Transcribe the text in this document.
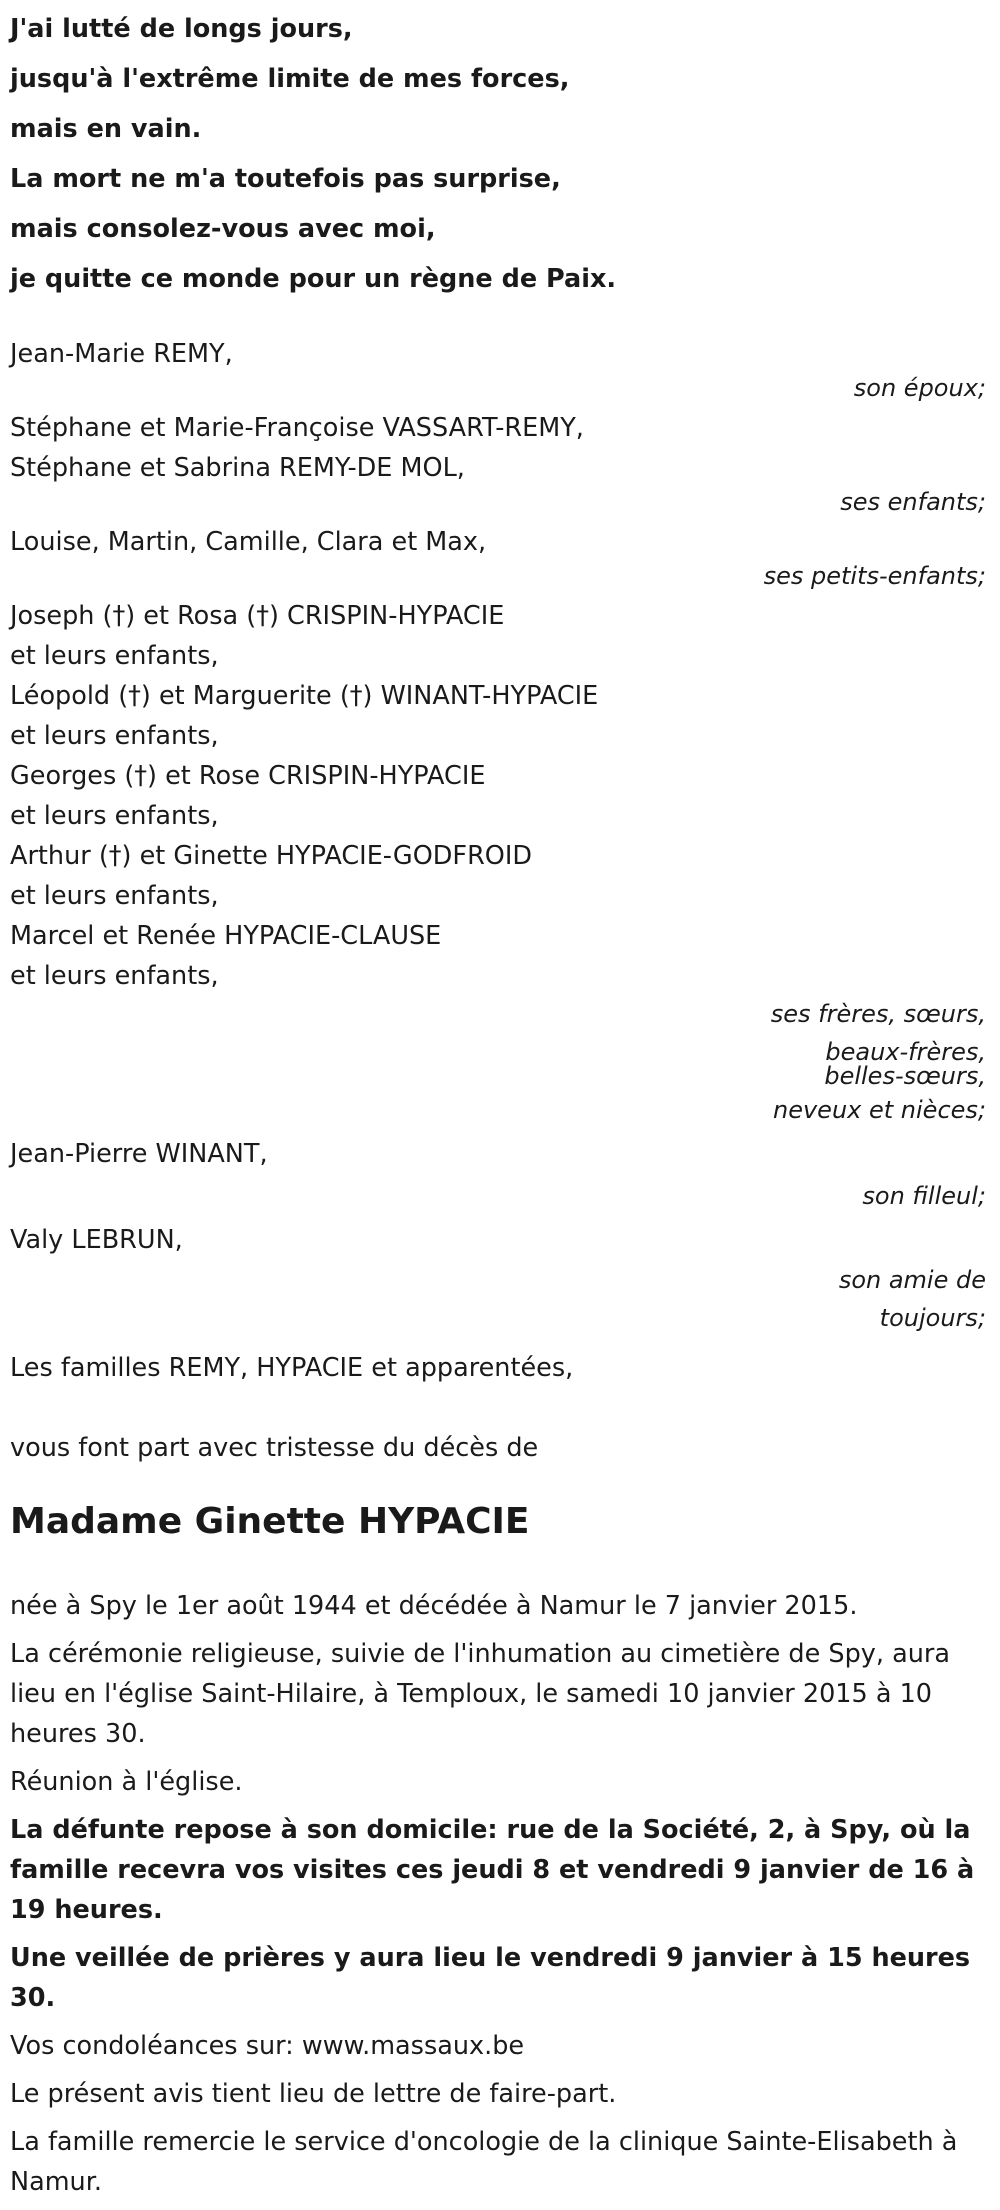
J'ai lutté de longs jours,
jusqu'à l'extrême limite de mes forces,
mais en vain.
La mort ne m'a toutefois pas surprise,
mais consolez-vous avec moi,
je quitte ce monde pour un règne de Paix.
Jean-Marie REMY,
son époux;
Stéphane et Marie-Françoise VASSART-REMY,
Stéphane et Sabrina REMY-DE MOL,
ses enfants;
Louise, Martin, Camille, Clara et Max,
ses petits-enfants;
Joseph (†) et Rosa (†) CRISPIN-HYPACIE
et leurs enfants,
Léopold (†) et Marguerite (†) WINANT-HYPACIE
et leurs enfants,
Georges (†) et Rose CRISPIN-HYPACIE
et leurs enfants,
Arthur (†) et Ginette HYPACIE-GODFROID
et leurs enfants,
Marcel et Renée HYPACIE-CLAUSE
et leurs enfants,
ses frères, sœurs,
beaux-frères,
belles-sœurs,
neveux et nièces;
Jean-Pierre WINANT,
son filleul;
Valy LEBRUN,
son amie de
toujours;
Les familles REMY, HYPACIE et apparentées,
vous font part avec tristesse du décès de
Madame Ginette HYPACIE
née à Spy le 1er août 1944 et décédée à Namur le 7 janvier 2015.
La cérémonie religieuse, suivie de l'inhumation au cimetière de Spy, aura lieu en l'église Saint-Hilaire, à Temploux, le samedi 10 janvier 2015 à 10 heures 30.
Réunion à l'église.
La défunte repose à son domicile: rue de la Société, 2, à Spy, où la famille recevra vos visites ces jeudi 8 et vendredi 9 janvier de 16 à 19 heures.
Une veillée de prières y aura lieu le vendredi 9 janvier à 15 heures 30.
Vos condoléances sur: www.massaux.be
Le présent avis tient lieu de lettre de faire-part.
La famille remercie le service d'oncologie de la clinique Sainte-Elisabeth à Namur.
